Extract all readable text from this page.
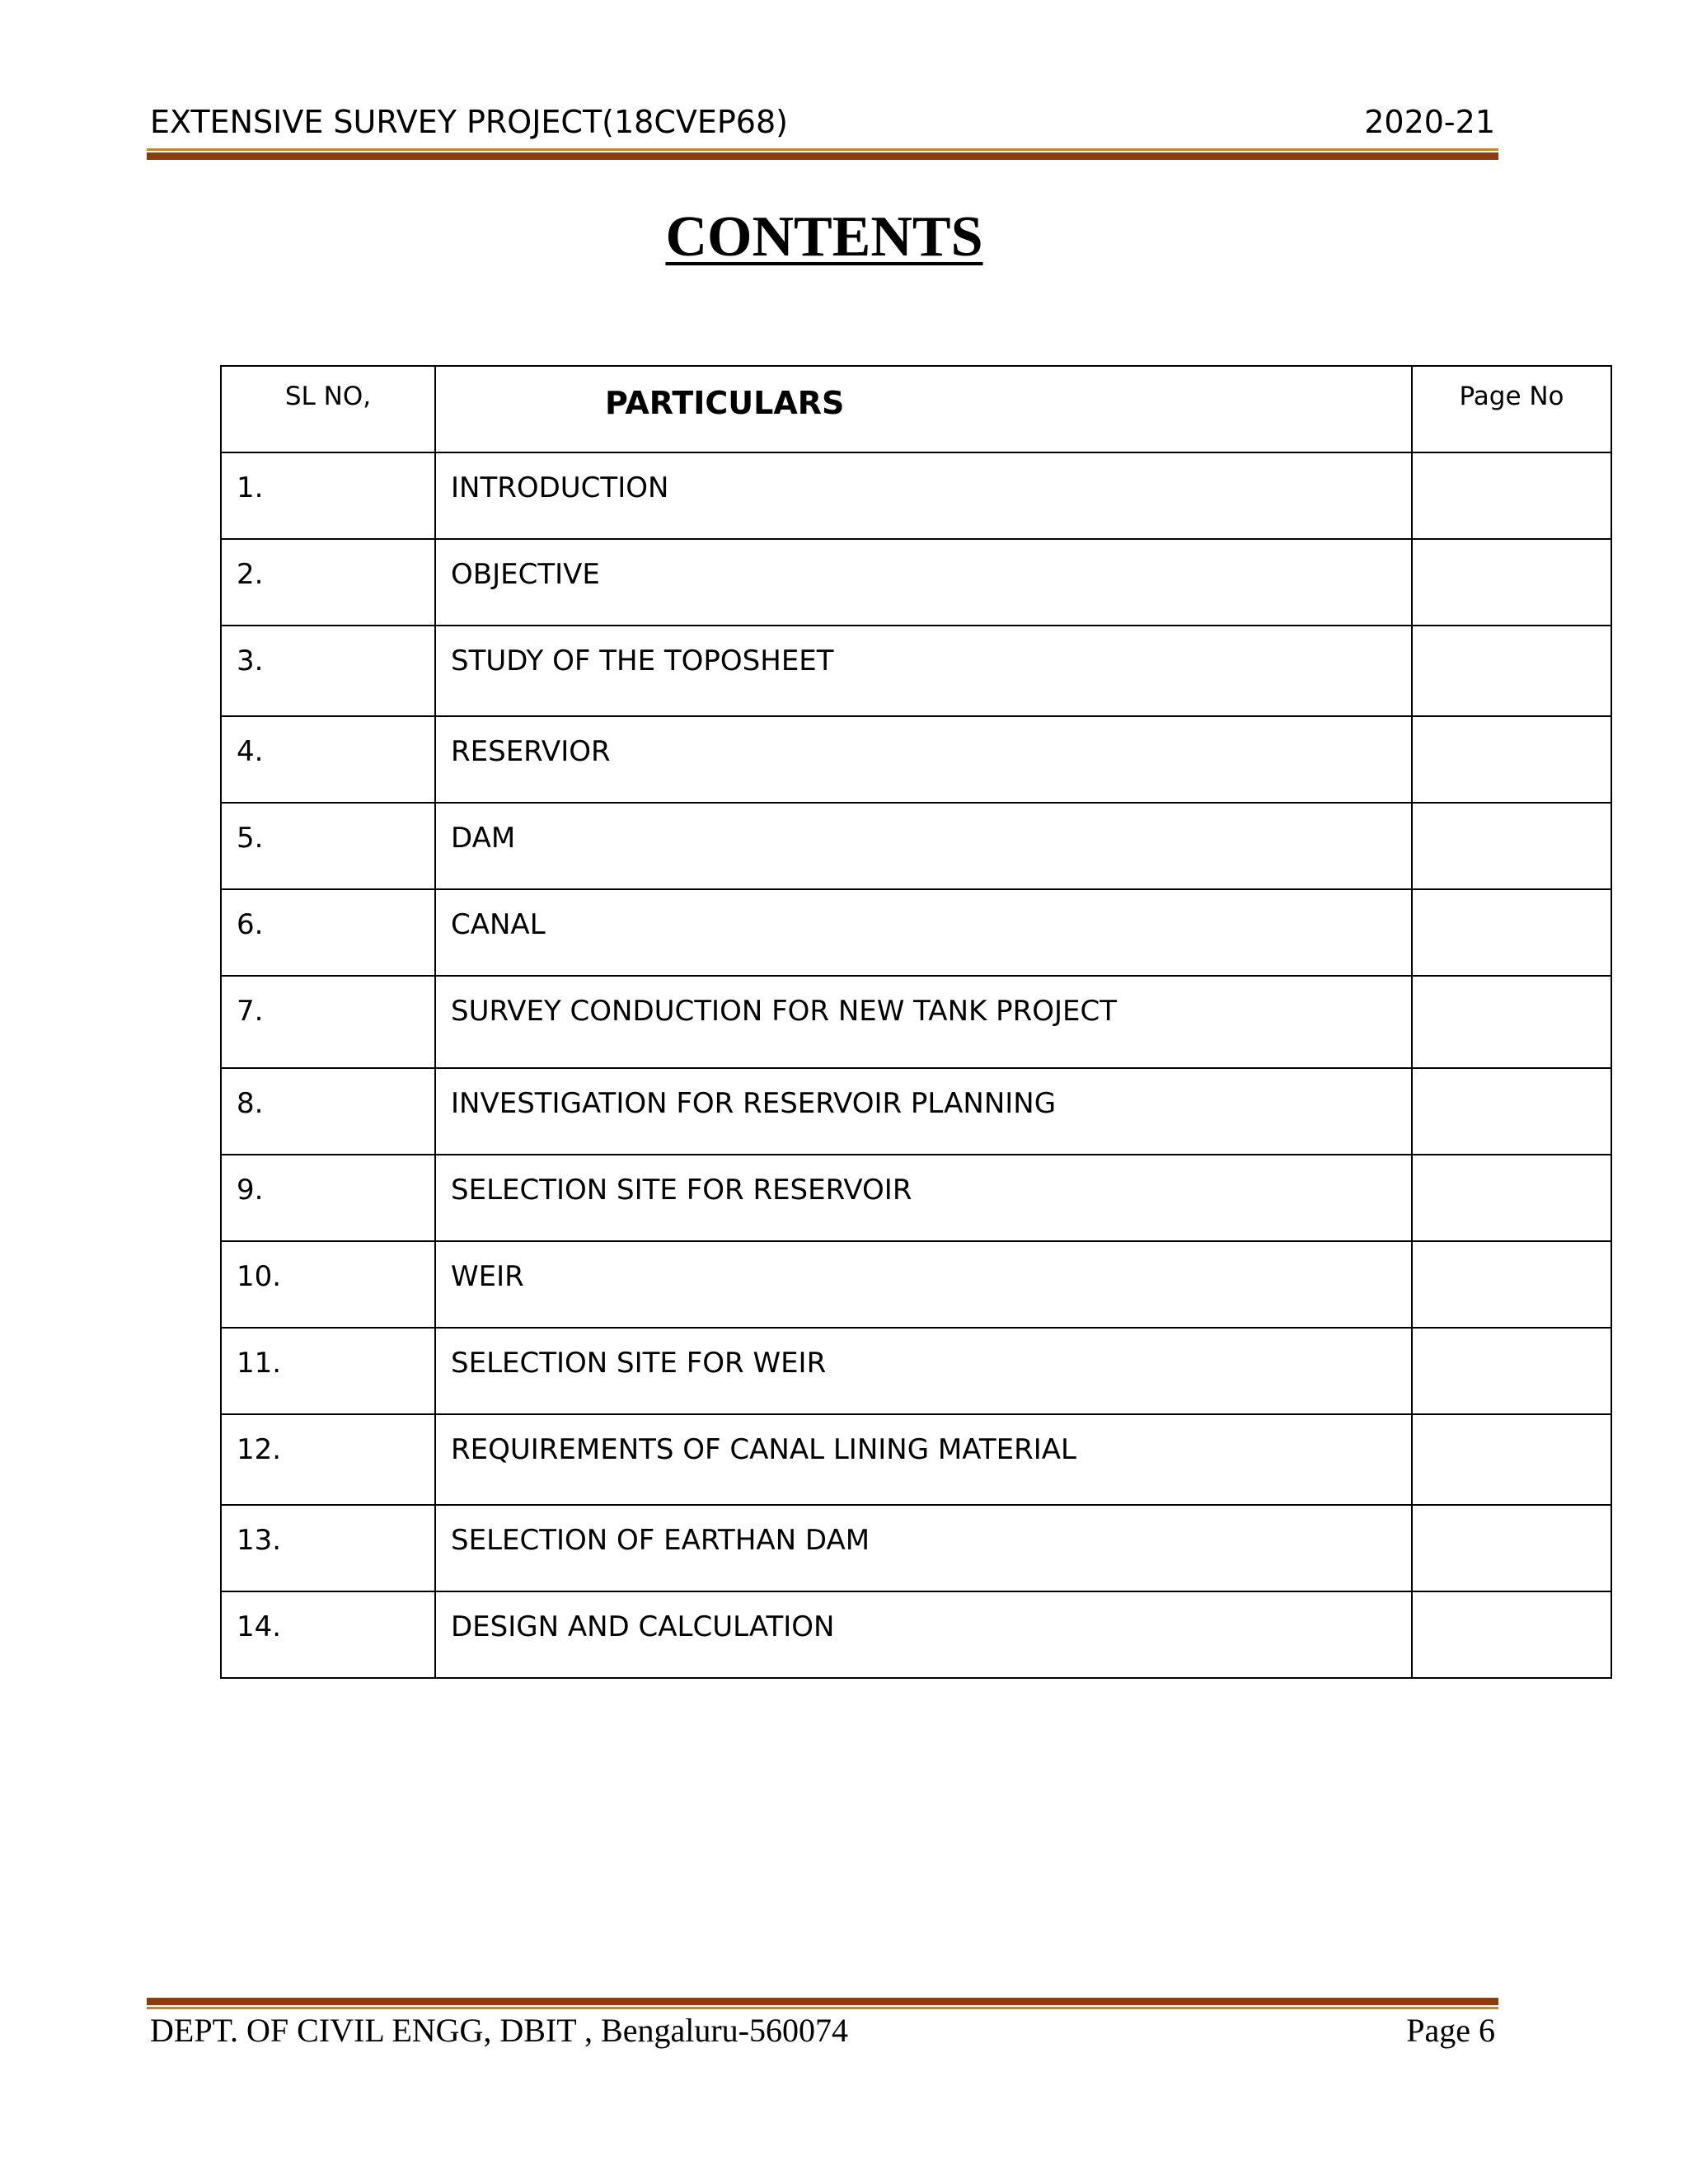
EXTENSIVE SURVEY PROJECT(18CVEP68)	2020-21
CONTENTS
SL NO,	PARTICULARS	Page No
1.	INTRODUCTION	
2.	OBJECTIVE	
3.	STUDY OF THE TOPOSHEET	
4.	RESERVIOR	
5.	DAM	
6.	CANAL	
7.	SURVEY CONDUCTION FOR NEW TANK PROJECT	
8.	INVESTIGATION FOR RESERVOIR PLANNING	
9.	SELECTION SITE FOR RESERVOIR	
10.	WEIR	
11.	SELECTION SITE FOR WEIR	
12.	REQUIREMENTS OF CANAL LINING MATERIAL	
13.	SELECTION OF EARTHAN DAM	
14.	DESIGN AND CALCULATION	
DEPT. OF CIVIL ENGG, DBIT , Bengaluru-560074	Page 6
